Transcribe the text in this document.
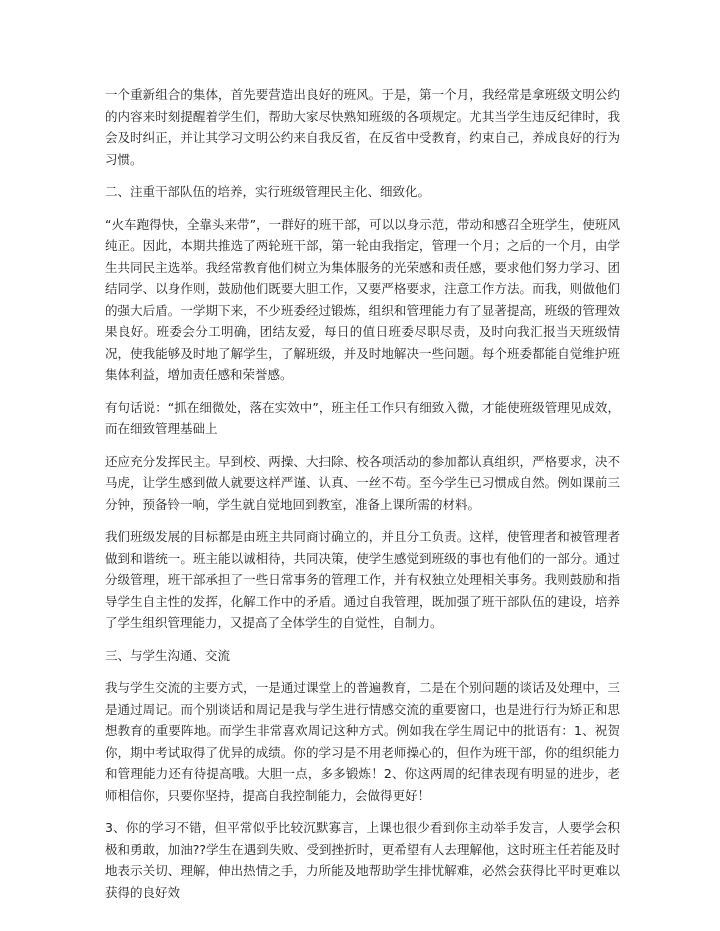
一个重新组合的集体，首先要营造出良好的班风。于是，第一个月，我经常是拿班级文明公约的内容来时刻提醒着学生们，帮助大家尽快熟知班级的各项规定。尤其当学生违反纪律时，我会及时纠正，并让其学习文明公约来自我反省，在反省中受教育，约束自己，养成良好的行为习惯。

二、注重干部队伍的培养，实行班级管理民主化、细致化。

“火车跑得快，全靠头来带”，一群好的班干部，可以以身示范，带动和感召全班学生，使班风纯正。因此，本期共推选了两轮班干部，第一轮由我指定，管理一个月；之后的一个月，由学生共同民主选举。我经常教育他们树立为集体服务的光荣感和责任感，要求他们努力学习、团结同学、以身作则，鼓励他们既要大胆工作，又要严格要求，注意工作方法。而我，则做他们的强大后盾。一学期下来，不少班委经过锻炼，组织和管理能力有了显著提高，班级的管理效果良好。班委会分工明确，团结友爱，每日的值日班委尽职尽责，及时向我汇报当天班级情况，使我能够及时地了解学生，了解班级，并及时地解决一些问题。每个班委都能自觉维护班集体利益，增加责任感和荣誉感。

有句话说：“抓在细微处，落在实效中”，班主任工作只有细致入微，才能使班级管理见成效，而在细致管理基础上

还应充分发挥民主。早到校、两操、大扫除、校各项活动的参加都认真组织，严格要求，决不马虎，让学生感到做人就要这样严谨、认真、一丝不苟。至今学生已习惯成自然。例如课前三分钟，预备铃一响，学生就自觉地回到教室，准备上课所需的材料。

我们班级发展的目标都是由班主共同商讨确立的，并且分工负责。这样，使管理者和被管理者做到和谐统一。班主能以诚相待，共同决策，使学生感觉到班级的事也有他们的一部分。通过分级管理，班干部承担了一些日常事务的管理工作，并有权独立处理相关事务。我则鼓励和指导学生自主性的发挥，化解工作中的矛盾。通过自我管理，既加强了班干部队伍的建设，培养了学生组织管理能力，又提高了全体学生的自觉性，自制力。

三、与学生沟通、交流

我与学生交流的主要方式，一是通过课堂上的普遍教育，二是在个别问题的谈话及处理中，三是通过周记。而个别谈话和周记是我与学生进行情感交流的重要窗口，也是进行行为矫正和思想教育的重要阵地。而学生非常喜欢周记这种方式。例如我在学生周记中的批语有：1、祝贺你，期中考试取得了优异的成绩。你的学习是不用老师操心的，但作为班干部，你的组织能力和管理能力还有待提高哦。大胆一点，多多锻炼！2、你这两周的纪律表现有明显的进步，老师相信你，只要你坚持，提高自我控制能力，会做得更好！

3、你的学习不错，但平常似乎比较沉默寡言，上课也很少看到你主动举手发言，人要学会积极和勇敢，加油??学生在遇到失败、受到挫折时，更希望有人去理解他，这时班主任若能及时地表示关切、理解，伸出热情之手，力所能及地帮助学生排忧解难，必然会获得比平时更难以获得的良好效
